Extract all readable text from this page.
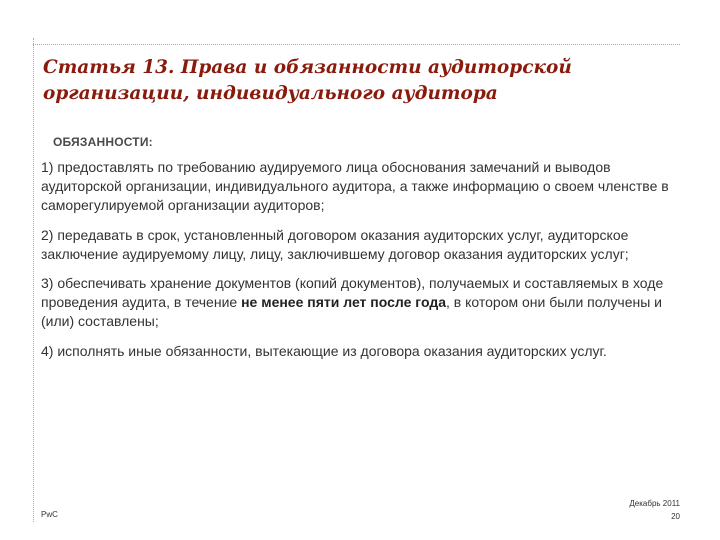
Статья 13. Права и обязанности аудиторской организации, индивидуального аудитора
ОБЯЗАННОСТИ:
1) предоставлять по требованию аудируемого лица обоснования замечаний и выводов аудиторской организации, индивидуального аудитора, а также информацию о своем членстве в саморегулируемой организации аудиторов;
2) передавать в срок, установленный договором оказания аудиторских услуг, аудиторское заключение аудируемому лицу, лицу, заключившему договор оказания аудиторских услуг;
3) обеспечивать хранение документов (копий документов), получаемых и составляемых в ходе проведения аудита, в течение не менее пяти лет после года, в котором они были получены и (или) составлены;
4) исполнять иные обязанности, вытекающие из договора оказания аудиторских услуг.
PwC
Декабрь 2011
20
